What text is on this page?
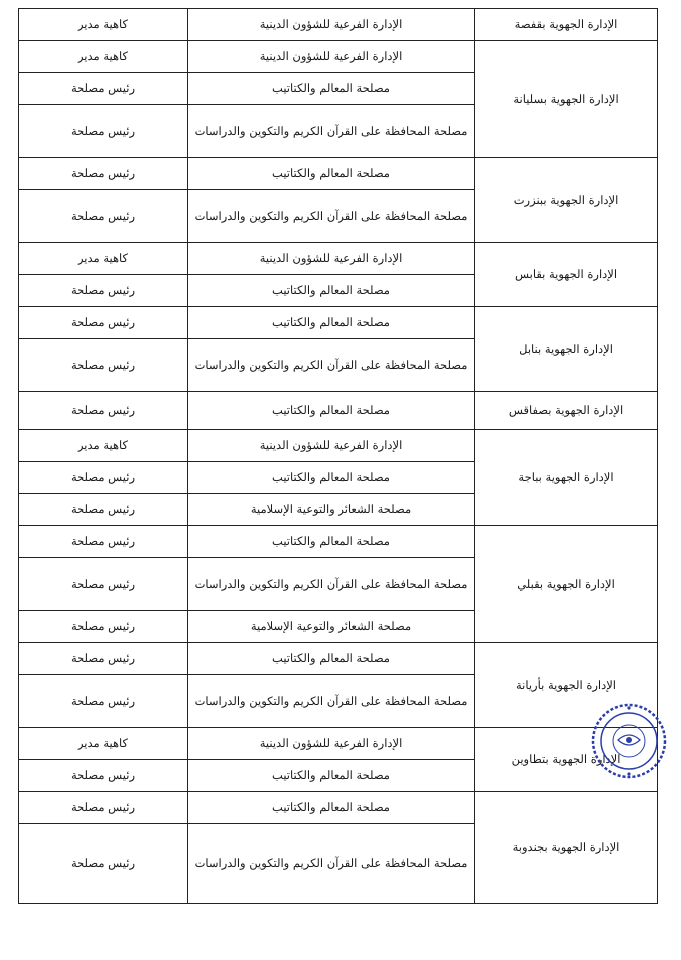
الإدارة الجهوية بقفصة	الإدارة الفرعية للشؤون الدينية	كاهية مدير
الإدارة الجهوية بسليانة	الإدارة الفرعية للشؤون الدينية	كاهية مدير
	مصلحة المعالم والكتاتيب	رئيس مصلحة
	مصلحة المحافظة على القرآن الكريم والتكوين والدراسات	رئيس مصلحة
الإدارة الجهوية ببنزرت	مصلحة المعالم والكتاتيب	رئيس مصلحة
	مصلحة المحافظة على القرآن الكريم والتكوين والدراسات	رئيس مصلحة
الإدارة الجهوية بقابس	الإدارة الفرعية للشؤون الدينية	كاهية مدير
	مصلحة المعالم والكتاتيب	رئيس مصلحة
الإدارة الجهوية بنابل	مصلحة المعالم والكتاتيب	رئيس مصلحة
	مصلحة المحافظة على القرآن الكريم والتكوين والدراسات	رئيس مصلحة
الإدارة الجهوية بصفاقس	مصلحة المعالم والكتاتيب	رئيس مصلحة
الإدارة الجهوية بباجة	الإدارة الفرعية للشؤون الدينية	كاهية مدير
	مصلحة المعالم والكتاتيب	رئيس مصلحة
	مصلحة الشعائر والتوعية الإسلامية	رئيس مصلحة
الإدارة الجهوية بقبلي	مصلحة المعالم والكتاتيب	رئيس مصلحة
	مصلحة المحافظة على القرآن الكريم والتكوين والدراسات	رئيس مصلحة
	مصلحة الشعائر والتوعية الإسلامية	رئيس مصلحة
الإدارة الجهوية بأريانة	مصلحة المعالم والكتاتيب	رئيس مصلحة
	مصلحة المحافظة على القرآن الكريم والتكوين والدراسات	رئيس مصلحة
الإدارة الجهوية بتطاوين	الإدارة الفرعية للشؤون الدينية	كاهية مدير
	مصلحة المعالم والكتاتيب	رئيس مصلحة
الإدارة الجهوية بجندوبة	مصلحة المعالم والكتاتيب	رئيس مصلحة
	مصلحة المحافظة على القرآن الكريم والتكوين والدراسات	رئيس مصلحة
